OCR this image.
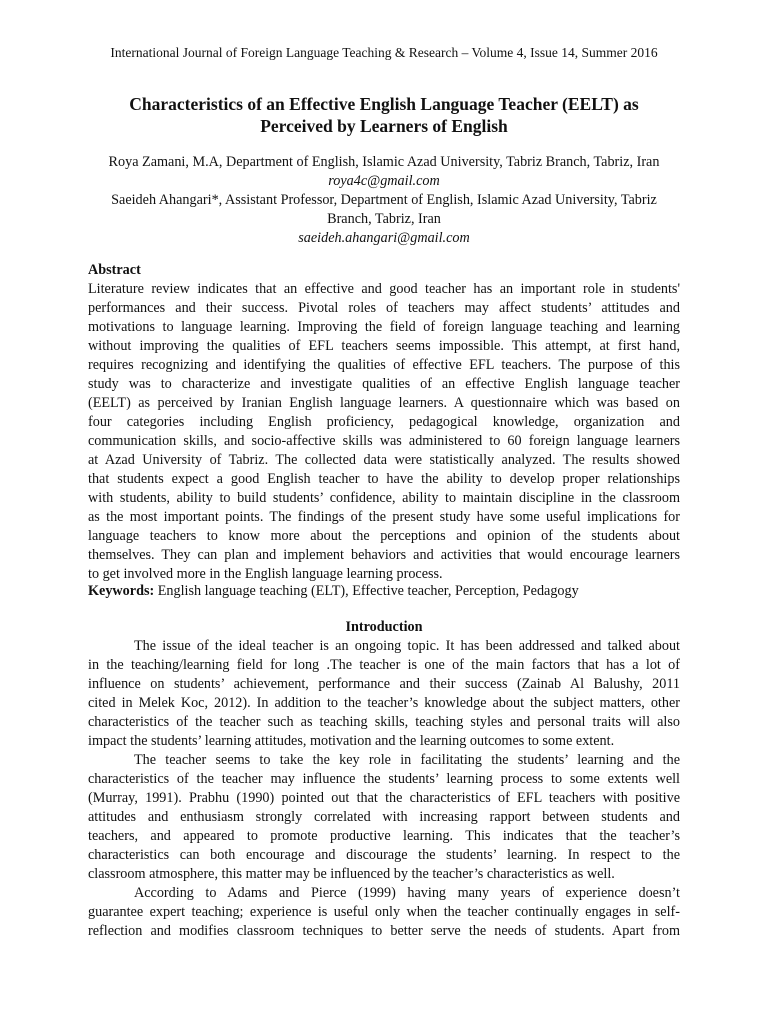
International Journal of Foreign Language Teaching & Research – Volume 4, Issue 14, Summer 2016
Characteristics of an Effective English Language Teacher (EELT) as
Perceived by Learners of English
Roya Zamani, M.A, Department of English, Islamic Azad University, Tabriz Branch, Tabriz, Iran
roya4c@gmail.com
Saeideh Ahangari*, Assistant Professor, Department of English, Islamic Azad University, Tabriz
Branch, Tabriz, Iran
saeideh.ahangari@gmail.com
Abstract
Literature review indicates that an effective and good teacher has an important role in students'
performances and their success. Pivotal roles of teachers may affect students’ attitudes and
motivations to language learning. Improving the field of foreign language teaching and learning
without improving the qualities of EFL teachers seems impossible. This attempt, at first hand,
requires recognizing and identifying the qualities of effective EFL teachers. The purpose of this
study was to characterize and investigate qualities of an effective English language teacher
(EELT) as perceived by Iranian English language learners. A questionnaire which was based on
four categories including English proficiency, pedagogical knowledge, organization and
communication skills, and socio-affective skills was administered to 60 foreign language learners
at Azad University of Tabriz. The collected data were statistically analyzed. The results showed
that students expect a good English teacher to have the ability to develop proper relationships
with students, ability to build students’ confidence, ability to maintain discipline in the classroom
as the most important points. The findings of the present study have some useful implications for
language teachers to know more about the perceptions and opinion of the students about
themselves. They can plan and implement behaviors and activities that would encourage learners
to get involved more in the English language learning process.
Keywords: English language teaching (ELT), Effective teacher, Perception, Pedagogy
Introduction
The issue of the ideal teacher is an ongoing topic. It has been addressed and talked about
in the teaching/learning field for long .The teacher is one of the main factors that has a lot of
influence on students’ achievement, performance and their success (Zainab Al Balushy, 2011
cited in Melek Koc, 2012). In addition to the teacher’s knowledge about the subject matters, other
characteristics of the teacher such as teaching skills, teaching styles and personal traits will also
impact the students’ learning attitudes, motivation and the learning outcomes to some extent.
The teacher seems to take the key role in facilitating the students’ learning and the
characteristics of the teacher may influence the students’ learning process to some extents well
(Murray, 1991). Prabhu (1990) pointed out that the characteristics of EFL teachers with positive
attitudes and enthusiasm strongly correlated with increasing rapport between students and
teachers, and appeared to promote productive learning. This indicates that the teacher’s
characteristics can both encourage and discourage the students’ learning. In respect to the
classroom atmosphere, this matter may be influenced by the teacher’s characteristics as well.
According to Adams and Pierce (1999) having many years of experience doesn’t
guarantee expert teaching; experience is useful only when the teacher continually engages in self-
reflection and modifies classroom techniques to better serve the needs of students. Apart from
